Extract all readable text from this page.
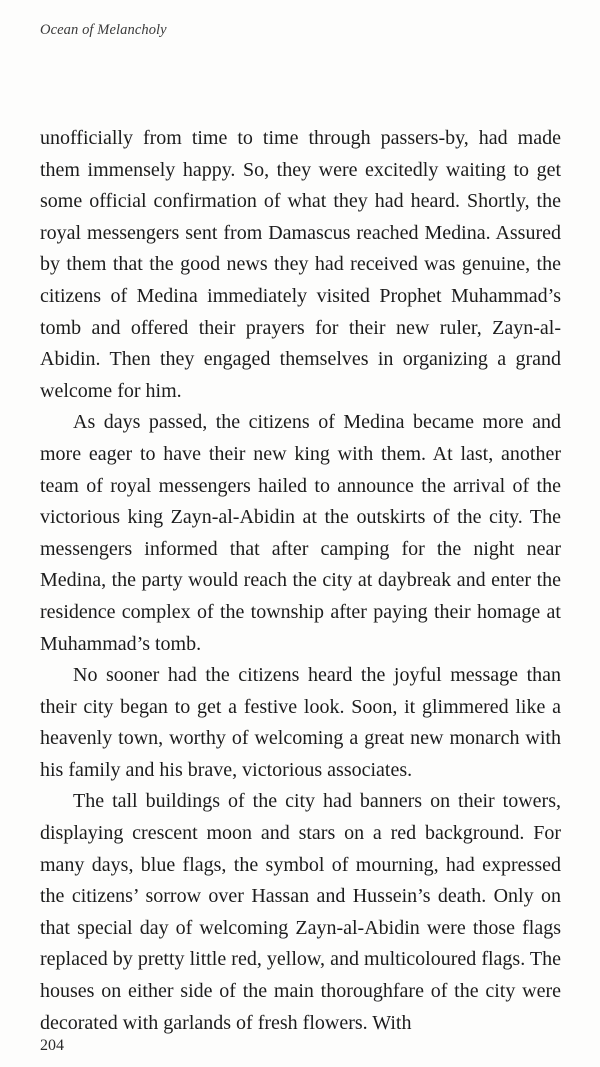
Ocean of Melancholy

unofficially from time to time through passers-by, had made them immensely happy. So, they were excitedly waiting to get some official confirmation of what they had heard. Shortly, the royal messengers sent from Damascus reached Medina. Assured by them that the good news they had received was genuine, the citizens of Medina immediately visited Prophet Muhammad’s tomb and offered their prayers for their new ruler, Zayn-al-Abidin. Then they engaged themselves in organizing a grand welcome for him.

As days passed, the citizens of Medina became more and more eager to have their new king with them. At last, another team of royal messengers hailed to announce the arrival of the victorious king Zayn-al-Abidin at the outskirts of the city. The messengers informed that after camping for the night near Medina, the party would reach the city at daybreak and enter the residence complex of the township after paying their homage at Muhammad’s tomb.

No sooner had the citizens heard the joyful message than their city began to get a festive look. Soon, it glimmered like a heavenly town, worthy of welcoming a great new monarch with his family and his brave, victorious associates.

The tall buildings of the city had banners on their towers, displaying crescent moon and stars on a red background. For many days, blue flags, the symbol of mourning, had expressed the citizens’ sorrow over Hassan and Hussein’s death. Only on that special day of welcoming Zayn-al-Abidin were those flags replaced by pretty little red, yellow, and multicoloured flags. The houses on either side of the main thoroughfare of the city were decorated with garlands of fresh flowers. With

204
